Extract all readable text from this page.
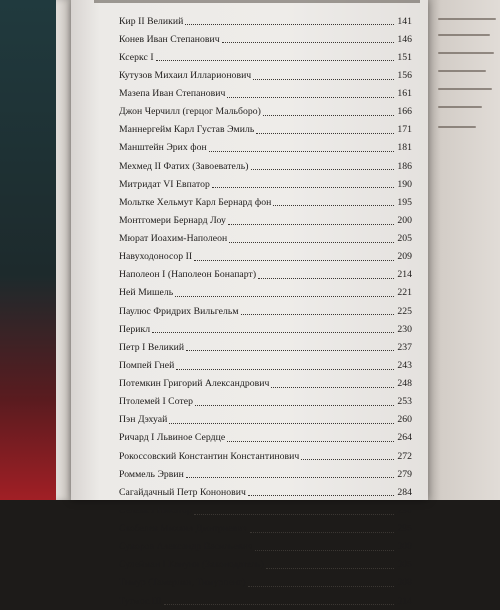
Кир II Великий	141
Конев Иван Степанович	146
Ксеркс I	151
Кутузов Михаил Илларионович	156
Мазепа Иван Степанович	161
Джон Черчилл (герцог Мальборо)	166
Маннергейм Карл Густав Эмиль	171
Манштейн Эрих фон	181
Мехмед II Фатих (Завоеватель)	186
Митридат VI Евпатор	190
Мольтке Хельмут Карл Бернард фон	195
Монтгомери Бернард Лоу	200
Мюрат Иоахим-Наполеон	205
Навуходоносор II	209
Наполеон I (Наполеон Бонапарт)	214
Ней Мишель	221
Паулюс Фридрих Вильгельм	225
Перикл	230
Петр I Великий	237
Помпей Гней	243
Потемкин Григорий Александрович	248
Птолемей I Сотер	253
Пэн Дэхуай	260
Ричард I Львиное Сердце	264
Рокоссовский Константин Константинович	272
Роммель Эрвин	279
Сагайдачный Петр Кононович	284
Селевк I Никатор	290
Скобелев Михаил Дмитриевич	295
Суворов Александр Васильевич	300
Сулейман I Кануни (Законодатель)	305
Тимур (Тамерлан, Тимурпенг)	308
Тутмос III	314
